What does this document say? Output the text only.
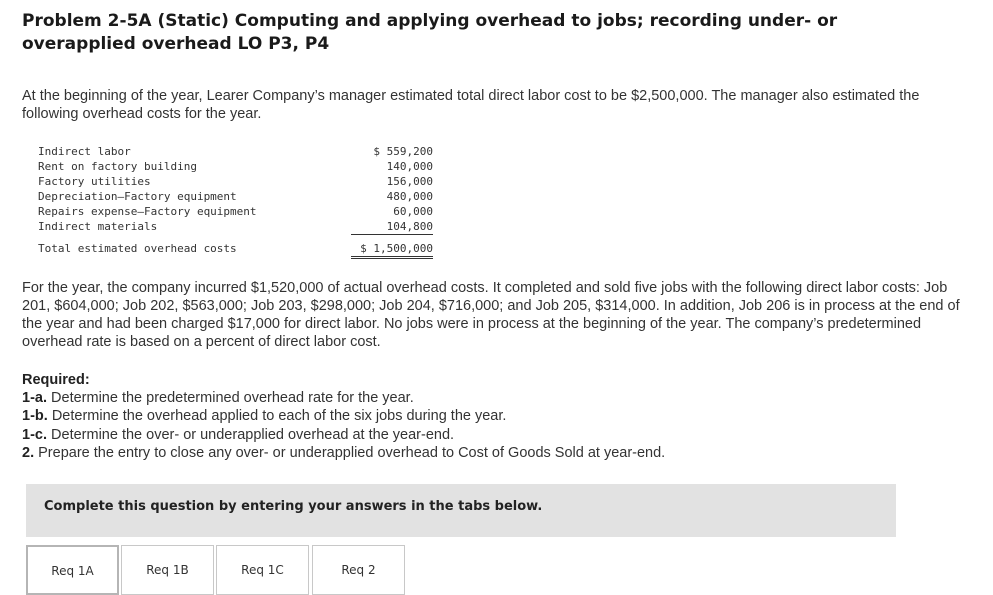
Problem 2-5A (Static) Computing and applying overhead to jobs; recording under- or overapplied overhead LO P3, P4

At the beginning of the year, Learer Company’s manager estimated total direct labor cost to be $2,500,000. The manager also estimated the following overhead costs for the year.

Indirect labor	$ 559,200
Rent on factory building	140,000
Factory utilities	156,000
Depreciation—Factory equipment	480,000
Repairs expense—Factory equipment	60,000
Indirect materials	104,800
Total estimated overhead costs	$ 1,500,000

For the year, the company incurred $1,520,000 of actual overhead costs. It completed and sold five jobs with the following direct labor costs: Job 201, $604,000; Job 202, $563,000; Job 203, $298,000; Job 204, $716,000; and Job 205, $314,000. In addition, Job 206 is in process at the end of the year and had been charged $17,000 for direct labor. No jobs were in process at the beginning of the year. The company’s predetermined overhead rate is based on a percent of direct labor cost.

Required:
1-a. Determine the predetermined overhead rate for the year.
1-b. Determine the overhead applied to each of the six jobs during the year.
1-c. Determine the over- or underapplied overhead at the year-end.
2. Prepare the entry to close any over- or underapplied overhead to Cost of Goods Sold at year-end.
Complete this question by entering your answers in the tabs below.
Req 1A	Req 1B	Req 1C	Req 2
